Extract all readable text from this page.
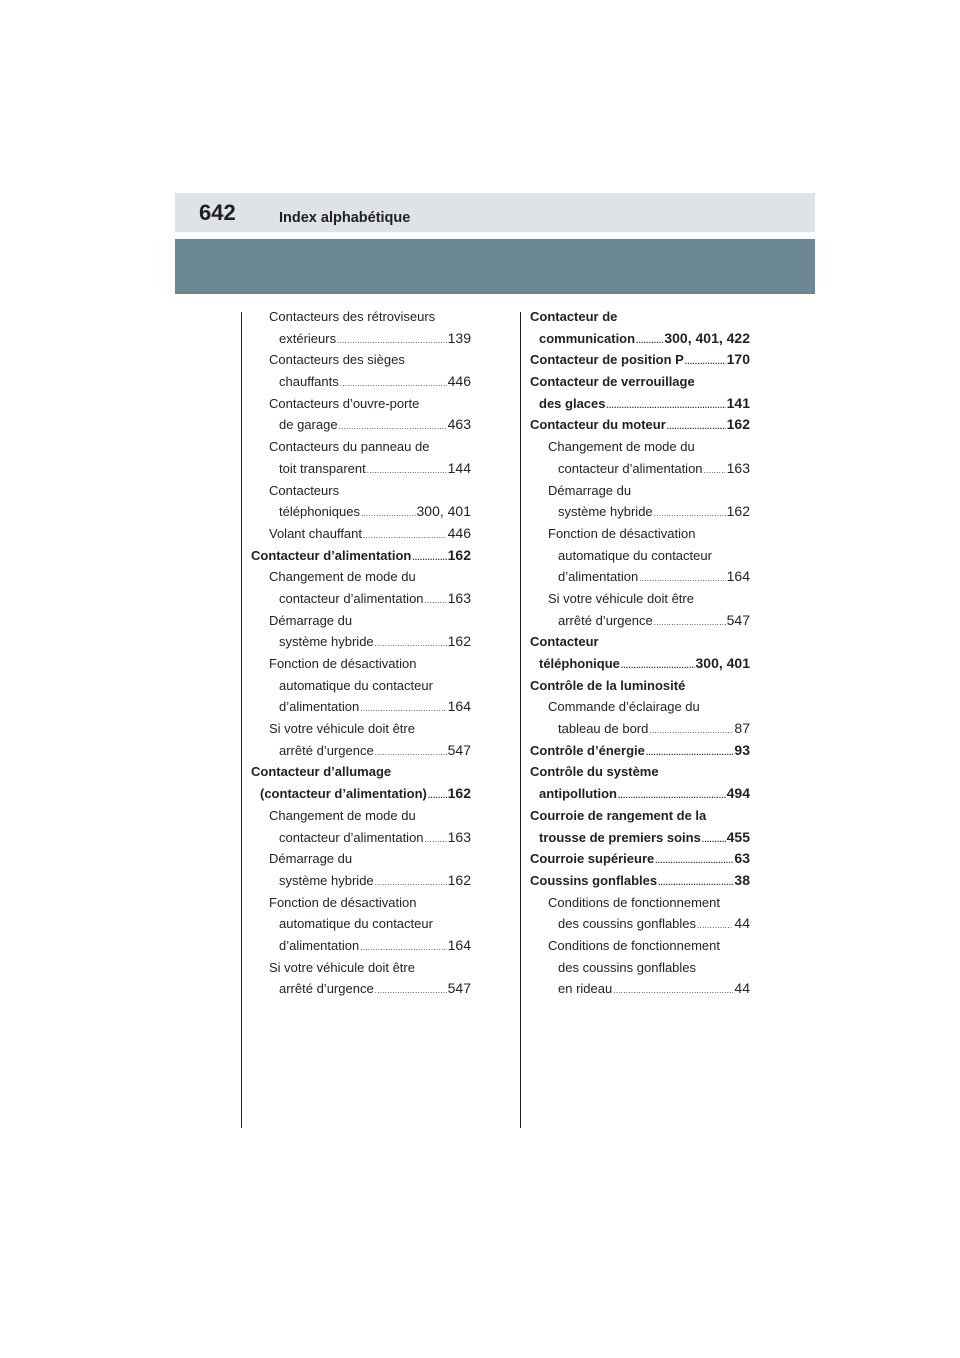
642	Index alphabétique
Contacteurs des rétroviseurs
extérieurs .....	139
Contacteurs des sièges
chauffants .....	446
Contacteurs d’ouvre-porte
de garage .....	463
Contacteurs du panneau de
toit transparent .....	144
Contacteurs
téléphoniques .....	300, 401
Volant chauffant .....	446
Contacteur d’alimentation .....	162
Changement de mode du
contacteur d’alimentation ..... 163
Démarrage du
système hybride .....	162
Fonction de désactivation
automatique du contacteur
d’alimentation .....	164
Si votre véhicule doit être
arrêté d’urgence .....	547
Contacteur d’allumage
(contacteur d’alimentation) ..... 162
Changement de mode du
contacteur d’alimentation ..... 163
Démarrage du
système hybride .....	162
Fonction de désactivation
automatique du contacteur
d’alimentation .....	164
Si votre véhicule doit être
arrêté d’urgence .....	547
Contacteur de
communication ..... 300, 401, 422
Contacteur de position P .....	170
Contacteur de verrouillage
des glaces .....	141
Contacteur du moteur .....	162
Changement de mode du
contacteur d’alimentation ..... 163
Démarrage du
système hybride .....	162
Fonction de désactivation
automatique du contacteur
d’alimentation .....	164
Si votre véhicule doit être
arrêté d’urgence .....	547
Contacteur
téléphonique .....	300, 401
Contrôle de la luminosité
Commande d’éclairage du
tableau de bord .....	87
Contrôle d’énergie .....	93
Contrôle du système
antipollution .....	494
Courroie de rangement de la
trousse de premiers soins ..... 455
Courroie supérieure .....	63
Coussins gonflables .....	38
Conditions de fonctionnement
des coussins gonflables .....	44
Conditions de fonctionnement
des coussins gonflables
en rideau .....	44
